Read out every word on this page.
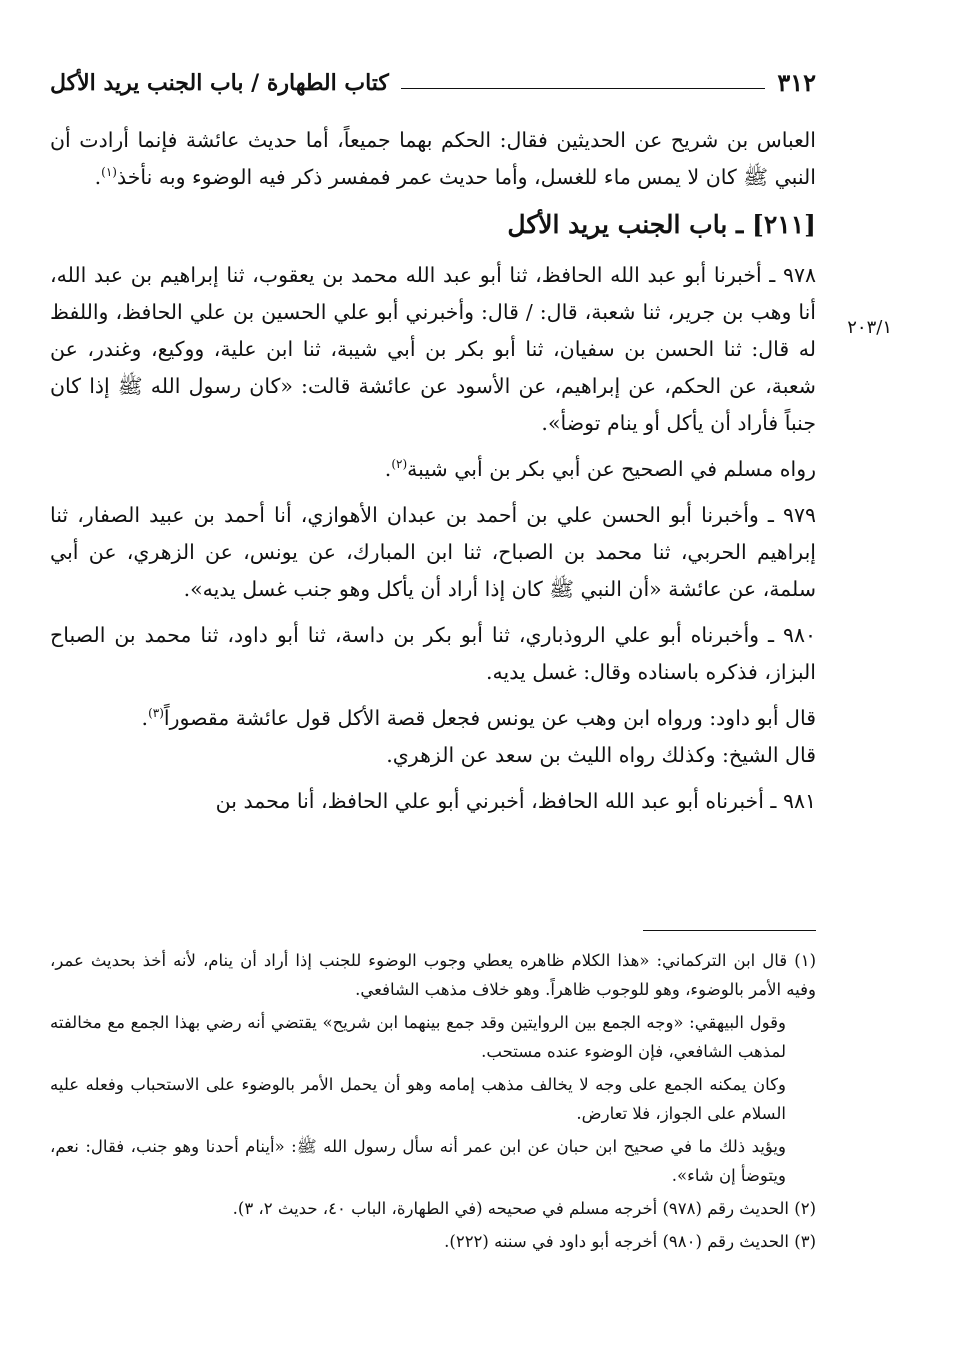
٣١٢
كتاب الطهارة / باب الجنب يريد الأكل
٢٠٣/١

العباس بن شريح عن الحديثين فقال: الحكم بهما جميعاً، أما حديث عائشة فإنما أرادت أن النبي ﷺ كان لا يمس ماء للغسل، وأما حديث عمر فمفسر ذكر فيه الوضوء وبه نأخذ$^{(١)}$.

[٢١١] ـ باب الجنب يريد الأكل

٩٧٨ ـ أخبرنا أبو عبد الله الحافظ، ثنا أبو عبد الله محمد بن يعقوب، ثنا إبراهيم بن عبد الله، أنا وهب بن جرير، ثنا شعبة، قال: / قال: وأخبرني أبو علي الحسين بن علي الحافظ، واللفظ له قال: ثنا الحسن بن سفيان، ثنا أبو بكر بن أبي شيبة، ثنا ابن علية، ووكيع، وغندر، عن شعبة، عن الحكم، عن إبراهيم، عن الأسود عن عائشة قالت: «كان رسول الله ﷺ إذا كان جنباً فأراد أن يأكل أو ينام توضأ».

رواه مسلم في الصحيح عن أبي بكر بن أبي شيبة$^{(٢)}$.

٩٧٩ ـ وأخبرنا أبو الحسن علي بن أحمد بن عبدان الأهوازي، أنا أحمد بن عبيد الصفار، ثنا إبراهيم الحربي، ثنا محمد بن الصباح، ثنا ابن المبارك، عن يونس، عن الزهري، عن أبي سلمة، عن عائشة «أن النبي ﷺ كان إذا أراد أن يأكل وهو جنب غسل يديه».

٩٨٠ ـ وأخبرناه أبو علي الروذباري، ثنا أبو بكر بن داسة، ثنا أبو داود، ثنا محمد بن الصباح البزاز، فذكره باسناده وقال: غسل يديه.

قال أبو داود: ورواه ابن وهب عن يونس فجعل قصة الأكل قول عائشة مقصوراً$^{(٣)}$.

قال الشيخ: وكذلك رواه الليث بن سعد عن الزهري.

٩٨١ ـ أخبرناه أبو عبد الله الحافظ، أخبرني أبو علي الحافظ، أنا محمد بن

(١) قال ابن التركماني: «هذا الكلام ظاهره يعطي وجوب الوضوء للجنب إذا أراد أن ينام، لأنه أخذ بحديث عمر، وفيه الأمر بالوضوء، وهو للوجوب ظاهراً. وهو خلاف مذهب الشافعي.

وقول البيهقي: «وجه الجمع بين الروايتين وقد جمع بينهما ابن شريح» يقتضي أنه رضي بهذا الجمع مع مخالفته لمذهب الشافعي، فإن الوضوء عنده مستحب.

وكان يمكنه الجمع على وجه لا يخالف مذهب إمامه وهو أن يحمل الأمر بالوضوء على الاستحباب وفعله عليه السلام على الجواز، فلا تعارض.

ويؤيد ذلك ما في صحيح ابن حبان عن ابن عمر أنه سأل رسول الله ﷺ: «أينام أحدنا وهو جنب، فقال: نعم، ويتوضأ إن شاء».

(٢) الحديث رقم (٩٧٨) أخرجه مسلم في صحيحه (في الطهارة، الباب ٤٠، حديث ٢، ٣).

(٣) الحديث رقم (٩٨٠) أخرجه أبو داود في سننه (٢٢٢).
